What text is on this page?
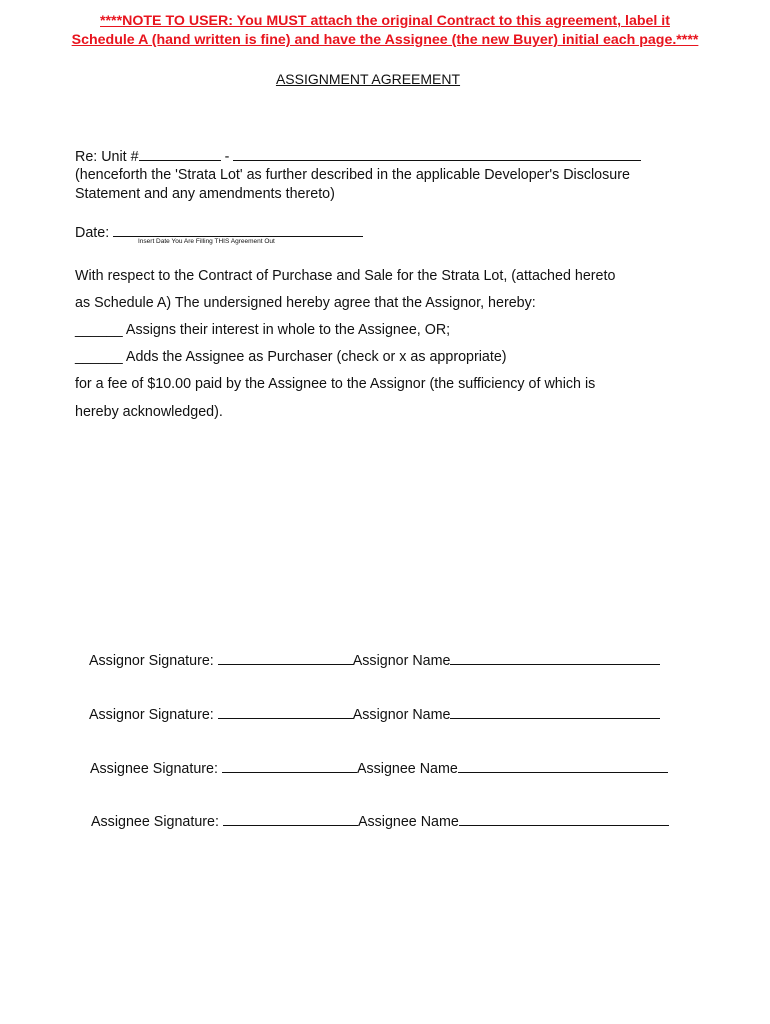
****NOTE TO USER: You MUST attach the original Contract to this agreement, label it
Schedule A (hand written is fine) and have the Assignee (the new Buyer) initial each page.****
ASSIGNMENT AGREEMENT
Re: Unit #	-
(henceforth the 'Strata Lot' as further described in the applicable Developer's Disclosure
Statement and any amendments thereto)
Date:
Insert Date You Are Filling THIS Agreement Out
With respect to the Contract of Purchase and Sale for the Strata Lot, (attached hereto
as Schedule A) The undersigned hereby agree that the Assignor, hereby:
______ Assigns their interest in whole to the Assignee, OR;
______ Adds the Assignee as Purchaser (check or x as appropriate)
for a fee of $10.00 paid by the Assignee to the Assignor (the sufficiency of which is
hereby acknowledged).
Assignor Signature:	Assignor Name
Assignor Signature:	Assignor Name
Assignee Signature:	Assignee Name
Assignee Signature:	Assignee Name
